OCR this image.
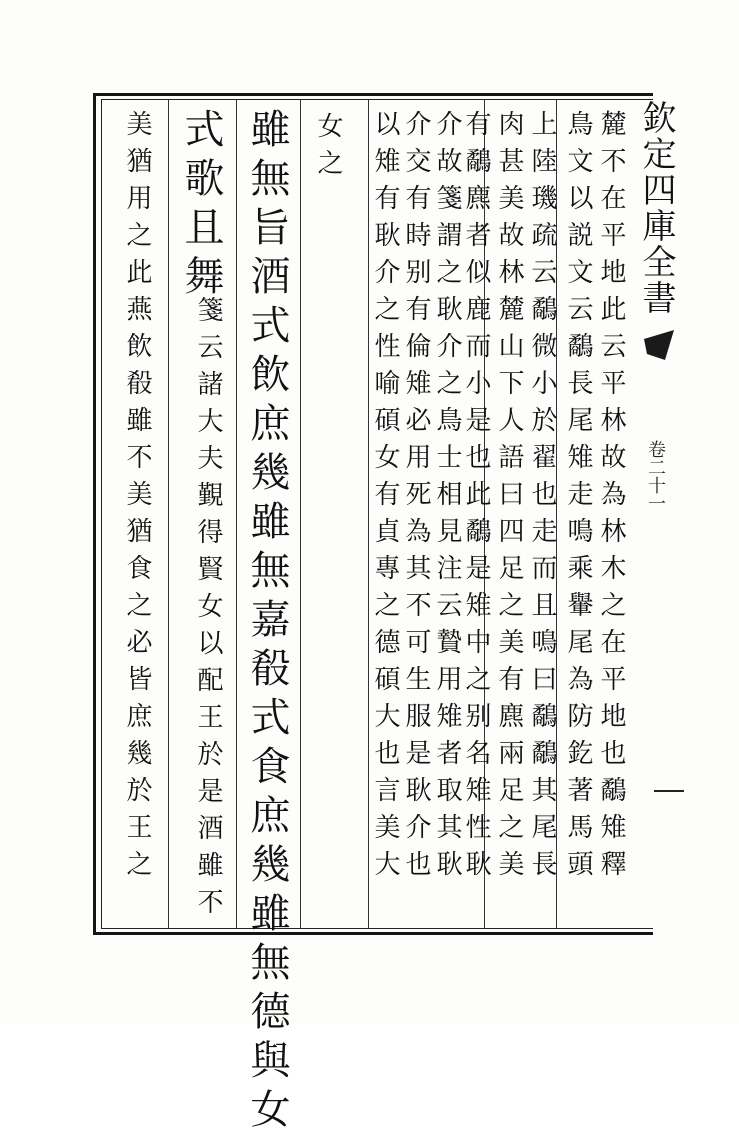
欽定四庫全書
卷二十一
麓不在平地此云平林故為林木之在平地也鷸雉釋
鳥文以説文云鷸長尾雉走鳴乘轝尾為防釳著馬頭
上陸璣疏云鷸微小於翟也走而且鳴曰鷸鷸其尾長
肉甚美故林麓山下人語曰四足之美有麃兩足之美
有鷸麃者似鹿而小是也此鷸是雉中之别名雉性耿
介故箋謂之耿介之鳥士相見注云贄用雉者取其耿
介交有時别有倫雉必用死為其不可生服是耿介也
以雉有耿介之性喻碩女有貞專之德碩大也言美大
女之
雖無旨酒式飲庶幾雖無嘉殽式食庶幾雖無德與女
式歌且舞
箋云諸大夫覲得賢女以配王於是酒雖不
美猶用之此燕飲殽雖不美猶食之必皆庶幾於王之
